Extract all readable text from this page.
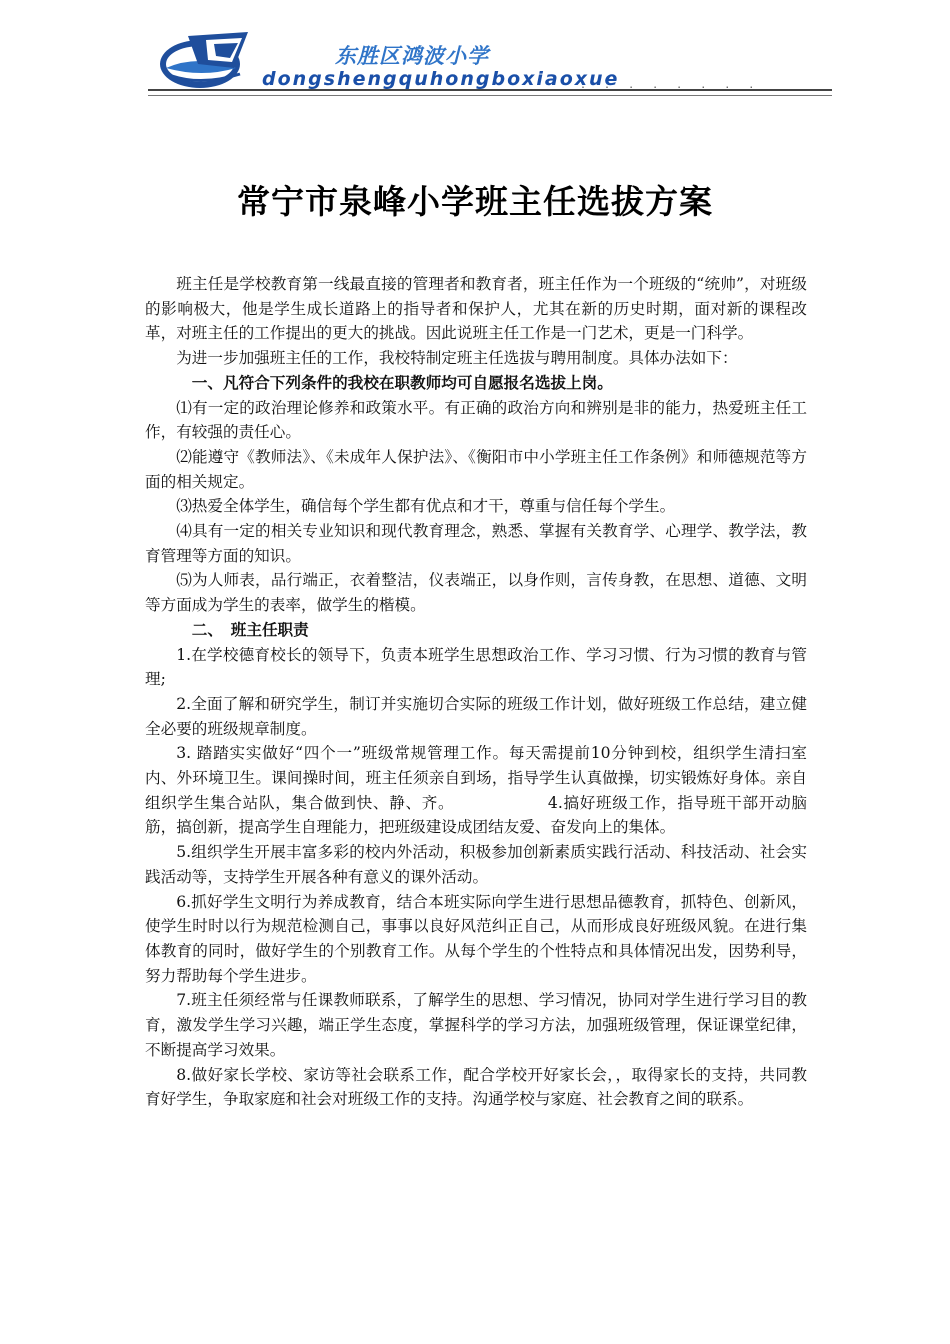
东胜区鸿波小学
dongshengquhongboxiaoxue
. . . . . . . .
常宁市泉峰小学班主任选拔方案

班主任是学校教育第一线最直接的管理者和教育者，班主任作为一个班级的“统帅”，对班级的影响极大，他是学生成长道路上的指导者和保护人，尤其在新的历史时期，面对新的课程改革，对班主任的工作提出的更大的挑战。因此说班主任工作是一门艺术，更是一门科学。

为进一步加强班主任的工作，我校特制定班主任选拔与聘用制度。具体办法如下：

一、凡符合下列条件的我校在职教师均可自愿报名选拔上岗。

⑴有一定的政治理论修养和政策水平。有正确的政治方向和辨别是非的能力，热爱班主任工作，有较强的责任心。

⑵能遵守《教师法》、《未成年人保护法》、《衡阳市中小学班主任工作条例》和师德规范等方面的相关规定。

⑶热爱全体学生，确信每个学生都有优点和才干，尊重与信任每个学生。

⑷具有一定的相关专业知识和现代教育理念，熟悉、掌握有关教育学、心理学、教学法，教育管理等方面的知识。

⑸为人师表，品行端正，衣着整洁，仪表端正，以身作则，言传身教，在思想、道德、文明等方面成为学生的表率，做学生的楷模。

二、　班主任职责

1.在学校德育校长的领导下，负责本班学生思想政治工作、学习习惯、行为习惯的教育与管理;

2.全面了解和研究学生，制订并实施切合实际的班级工作计划，做好班级工作总结，建立健全必要的班级规章制度。

3. 踏踏实实做好“四个一”班级常规管理工作。每天需提前10分钟到校，组织学生清扫室内、外环境卫生。课间操时间，班主任须亲自到场，指导学生认真做操，切实锻炼好身体。亲自组织学生集合站队，集合做到快、静、齐。	4.搞好班级工作，指导班干部开动脑筋，搞创新，提高学生自理能力，把班级建设成团结友爱、奋发向上的集体。

5.组织学生开展丰富多彩的校内外活动，积极参加创新素质实践行活动、科技活动、社会实践活动等，支持学生开展各种有意义的课外活动。

6.抓好学生文明行为养成教育，结合本班实际向学生进行思想品德教育，抓特色、创新风，使学生时时以行为规范检测自己，事事以良好风范纠正自己，从而形成良好班级风貌。在进行集体教育的同时，做好学生的个别教育工作。从每个学生的个性特点和具体情况出发，因势利导，努力帮助每个学生进步。

7.班主任须经常与任课教师联系，了解学生的思想、学习情况，协同对学生进行学习目的教育，激发学生学习兴趣，端正学生态度，掌握科学的学习方法，加强班级管理，保证课堂纪律，不断提高学习效果。

8.做好家长学校、家访等社会联系工作，配合学校开好家长会，，取得家长的支持，共同教育好学生，争取家庭和社会对班级工作的支持。沟通学校与家庭、社会教育之间的联系。
